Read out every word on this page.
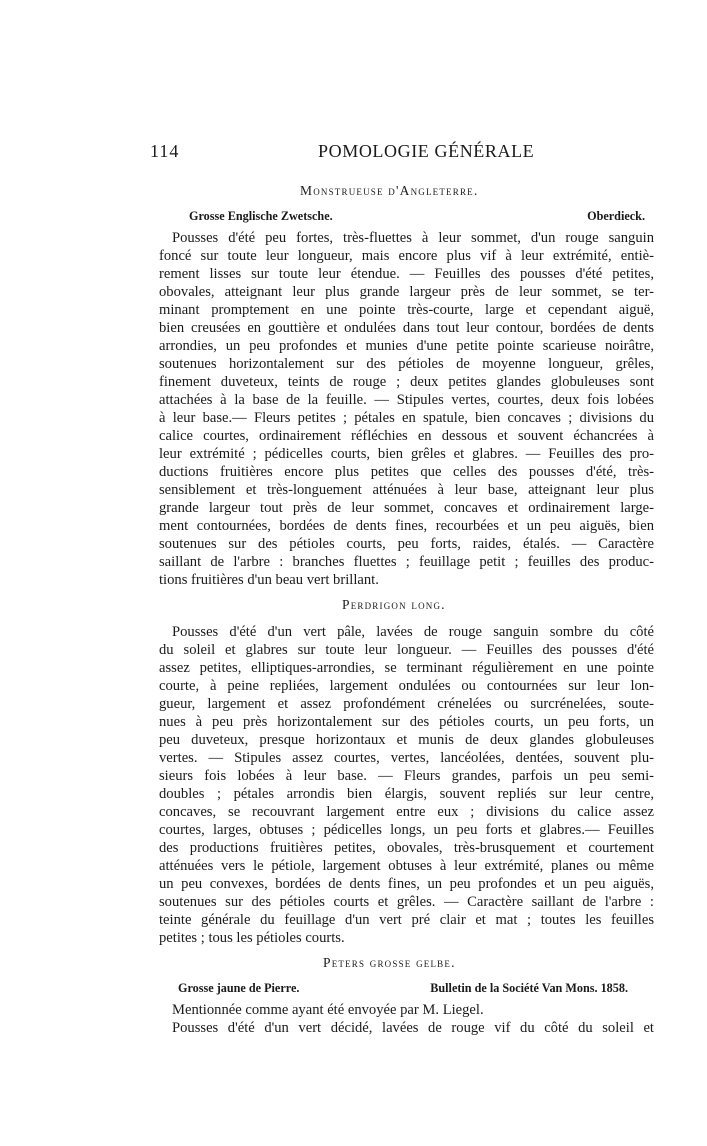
114	POMOLOGIE GÉNÉRALE
Monstrueuse d'Angleterre.
Grosse Englische Zwetsche.	Oberdieck.
Pousses d'été peu fortes, très-fluettes à leur sommet, d'un rouge sanguin
foncé sur toute leur longueur, mais encore plus vif à leur extrémité, entiè-
rement lisses sur toute leur étendue. — Feuilles des pousses d'été petites,
obovales, atteignant leur plus grande largeur près de leur sommet, se ter-
minant promptement en une pointe très-courte, large et cependant aiguë,
bien creusées en gouttière et ondulées dans tout leur contour, bordées de dents
arrondies, un peu profondes et munies d'une petite pointe scarieuse noirâtre,
soutenues horizontalement sur des pétioles de moyenne longueur, grêles,
finement duveteux, teints de rouge ; deux petites glandes globuleuses sont
attachées à la base de la feuille. — Stipules vertes, courtes, deux fois lobées
à leur base.— Fleurs petites ; pétales en spatule, bien concaves ; divisions du
calice courtes, ordinairement réfléchies en dessous et souvent échancrées à
leur extrémité ; pédicelles courts, bien grêles et glabres. — Feuilles des pro-
ductions fruitières encore plus petites que celles des pousses d'été, très-
sensiblement et très-longuement atténuées à leur base, atteignant leur plus
grande largeur tout près de leur sommet, concaves et ordinairement large-
ment contournées, bordées de dents fines, recourbées et un peu aiguës, bien
soutenues sur des pétioles courts, peu forts, raides, étalés. — Caractère
saillant de l'arbre : branches fluettes ; feuillage petit ; feuilles des produc-
tions fruitières d'un beau vert brillant.
Perdrigon long.
Pousses d'été d'un vert pâle, lavées de rouge sanguin sombre du côté
du soleil et glabres sur toute leur longueur. — Feuilles des pousses d'été
assez petites, elliptiques-arrondies, se terminant régulièrement en une pointe
courte, à peine repliées, largement ondulées ou contournées sur leur lon-
gueur, largement et assez profondément crénelées ou surcrénelées, soute-
nues à peu près horizontalement sur des pétioles courts, un peu forts, un
peu duveteux, presque horizontaux et munis de deux glandes globuleuses
vertes. — Stipules assez courtes, vertes, lancéolées, dentées, souvent plu-
sieurs fois lobées à leur base. — Fleurs grandes, parfois un peu semi-
doubles ; pétales arrondis bien élargis, souvent repliés sur leur centre,
concaves, se recouvrant largement entre eux ; divisions du calice assez
courtes, larges, obtuses ; pédicelles longs, un peu forts et glabres.— Feuilles
des productions fruitières petites, obovales, très-brusquement et courtement
atténuées vers le pétiole, largement obtuses à leur extrémité, planes ou même
un peu convexes, bordées de dents fines, un peu profondes et un peu aiguës,
soutenues sur des pétioles courts et grêles. — Caractère saillant de l'arbre :
teinte générale du feuillage d'un vert pré clair et mat ; toutes les feuilles
petites ; tous les pétioles courts.
Peters grosse gelbe.
Grosse jaune de Pierre.	Bulletin de la Société Van Mons. 1858.
Mentionnée comme ayant été envoyée par M. Liegel.
Pousses d'été d'un vert décidé, lavées de rouge vif du côté du soleil et
